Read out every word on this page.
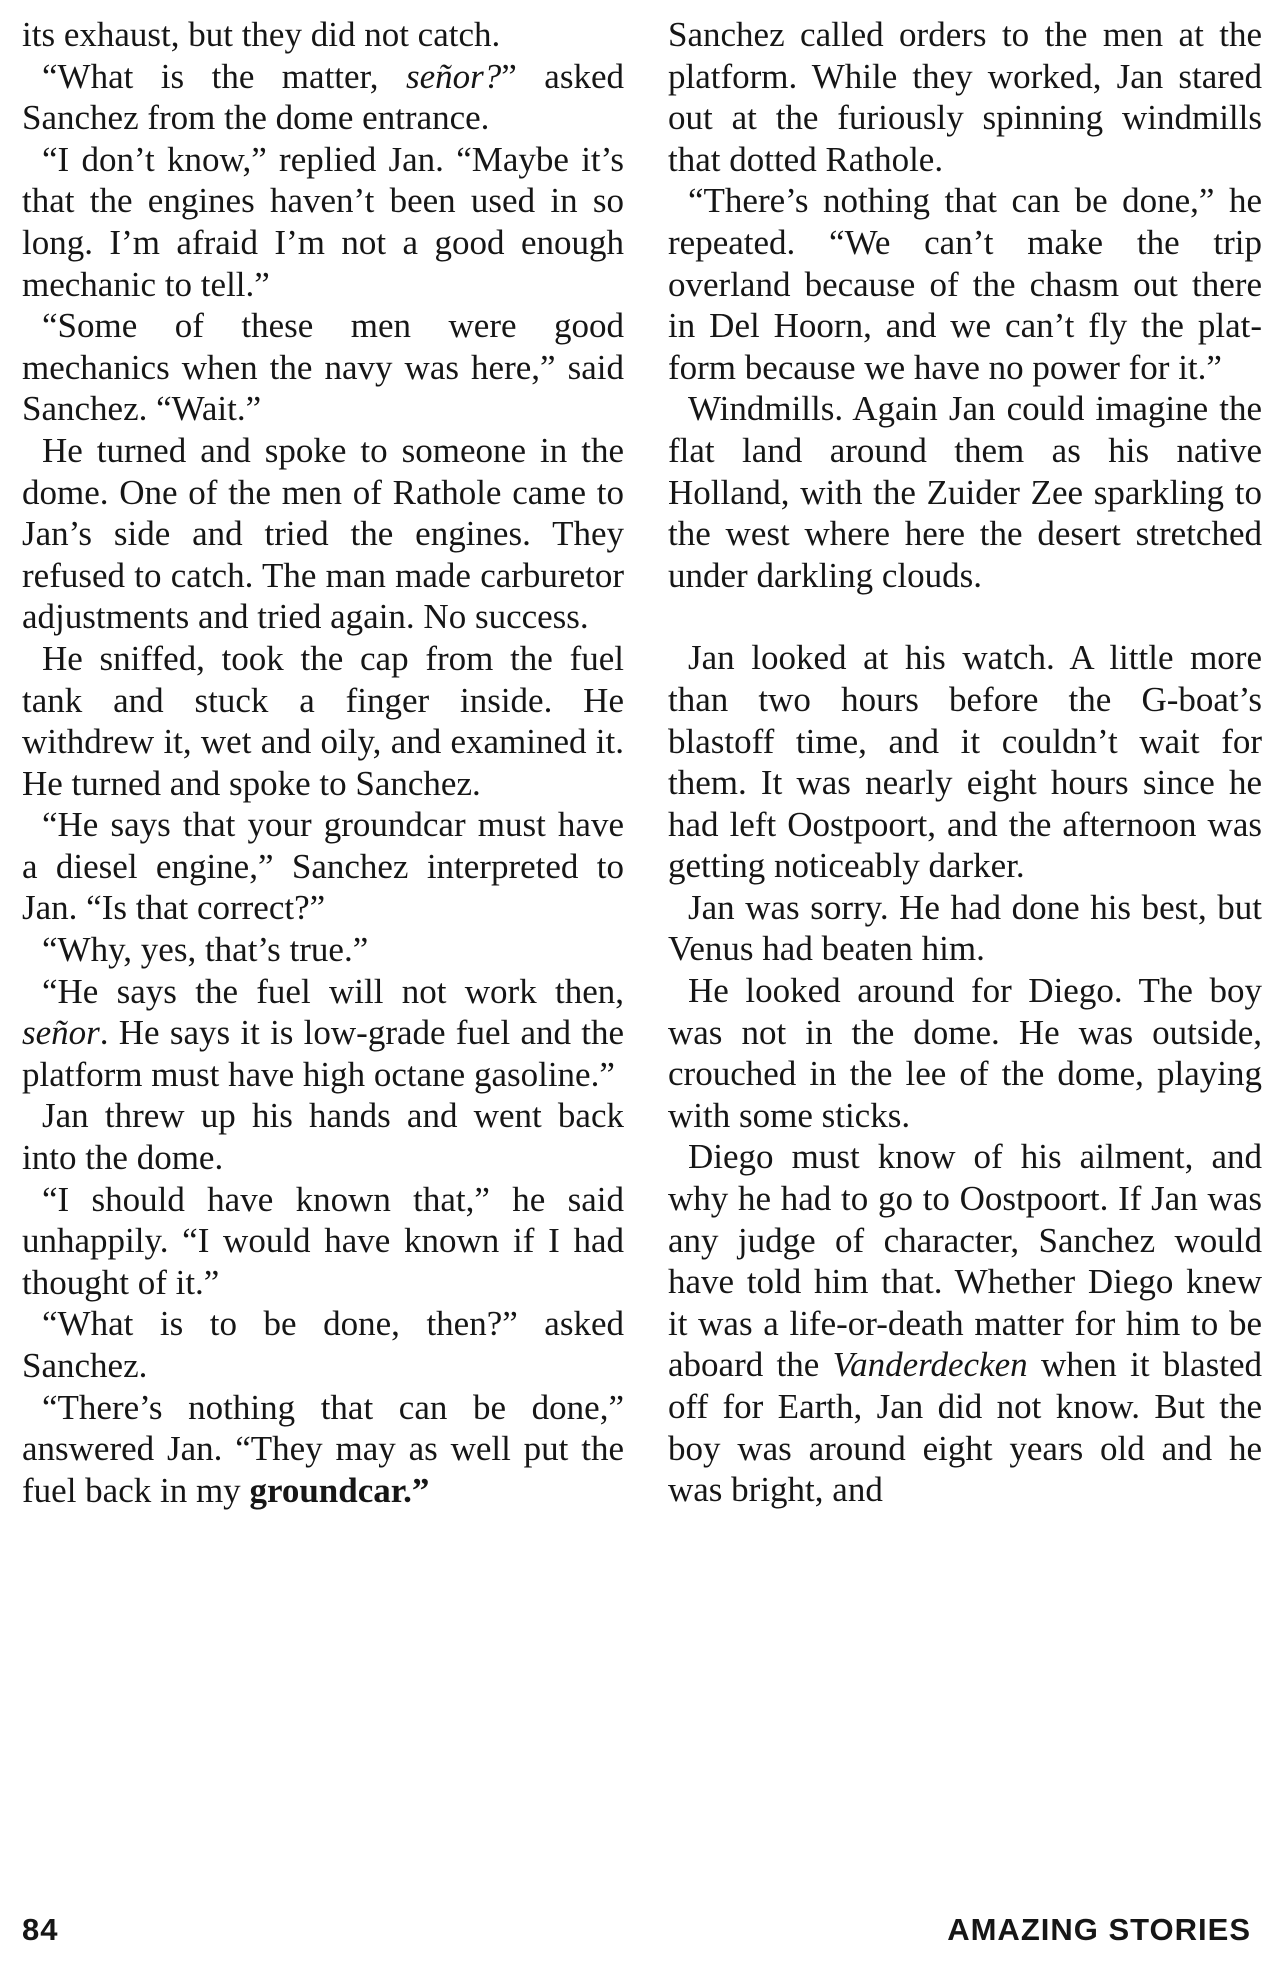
its exhaust, but they did not catch.

“What is the matter, señor?” asked Sanchez from the dome entrance.

“I don’t know,” replied Jan. “Maybe it’s that the engines haven’t been used in so long. I’m afraid I’m not a good enough mechanic to tell.”

“Some of these men were good mechanics when the navy was here,” said Sanchez. “Wait.”

He turned and spoke to someone in the dome. One of the men of Rathole came to Jan’s side and tried the engines. They refused to catch. The man made carburetor adjustments and tried again. No success.

He sniffed, took the cap from the fuel tank and stuck a finger inside. He withdrew it, wet and oily, and examined it. He turned and spoke to Sanchez.

“He says that your groundcar must have a diesel engine,” Sanchez interpreted to Jan. “Is that correct?”

“Why, yes, that’s true.”

“He says the fuel will not work then, señor. He says it is low-grade fuel and the platform must have high octane gasoline.”

Jan threw up his hands and went back into the dome.

“I should have known that,” he said unhappily. “I would have known if I had thought of it.”

“What is to be done, then?” asked Sanchez.

“There’s nothing that can be done,” answered Jan. “They may as well put the fuel back in my groundcar.”

Sanchez called orders to the men at the platform. While they worked, Jan stared out at the furiously spinning windmills that dotted Rathole.

“There’s nothing that can be done,” he repeated. “We can’t make the trip overland because of the chasm out there in Del Hoorn, and we can’t fly the platform because we have no power for it.”

Windmills. Again Jan could imagine the flat land around them as his native Holland, with the Zuider Zee sparkling to the west where here the desert stretched under darkling clouds.

Jan looked at his watch. A little more than two hours before the G-boat’s blastoff time, and it couldn’t wait for them. It was nearly eight hours since he had left Oostpoort, and the afternoon was getting noticeably darker.

Jan was sorry. He had done his best, but Venus had beaten him.

He looked around for Diego. The boy was not in the dome. He was outside, crouched in the lee of the dome, playing with some sticks.

Diego must know of his ailment, and why he had to go to Oostpoort. If Jan was any judge of character, Sanchez would have told him that. Whether Diego knew it was a life-or-death matter for him to be aboard the Vanderdecken when it blasted off for Earth, Jan did not know. But the boy was around eight years old and he was bright, and

84	AMAZING STORIES
